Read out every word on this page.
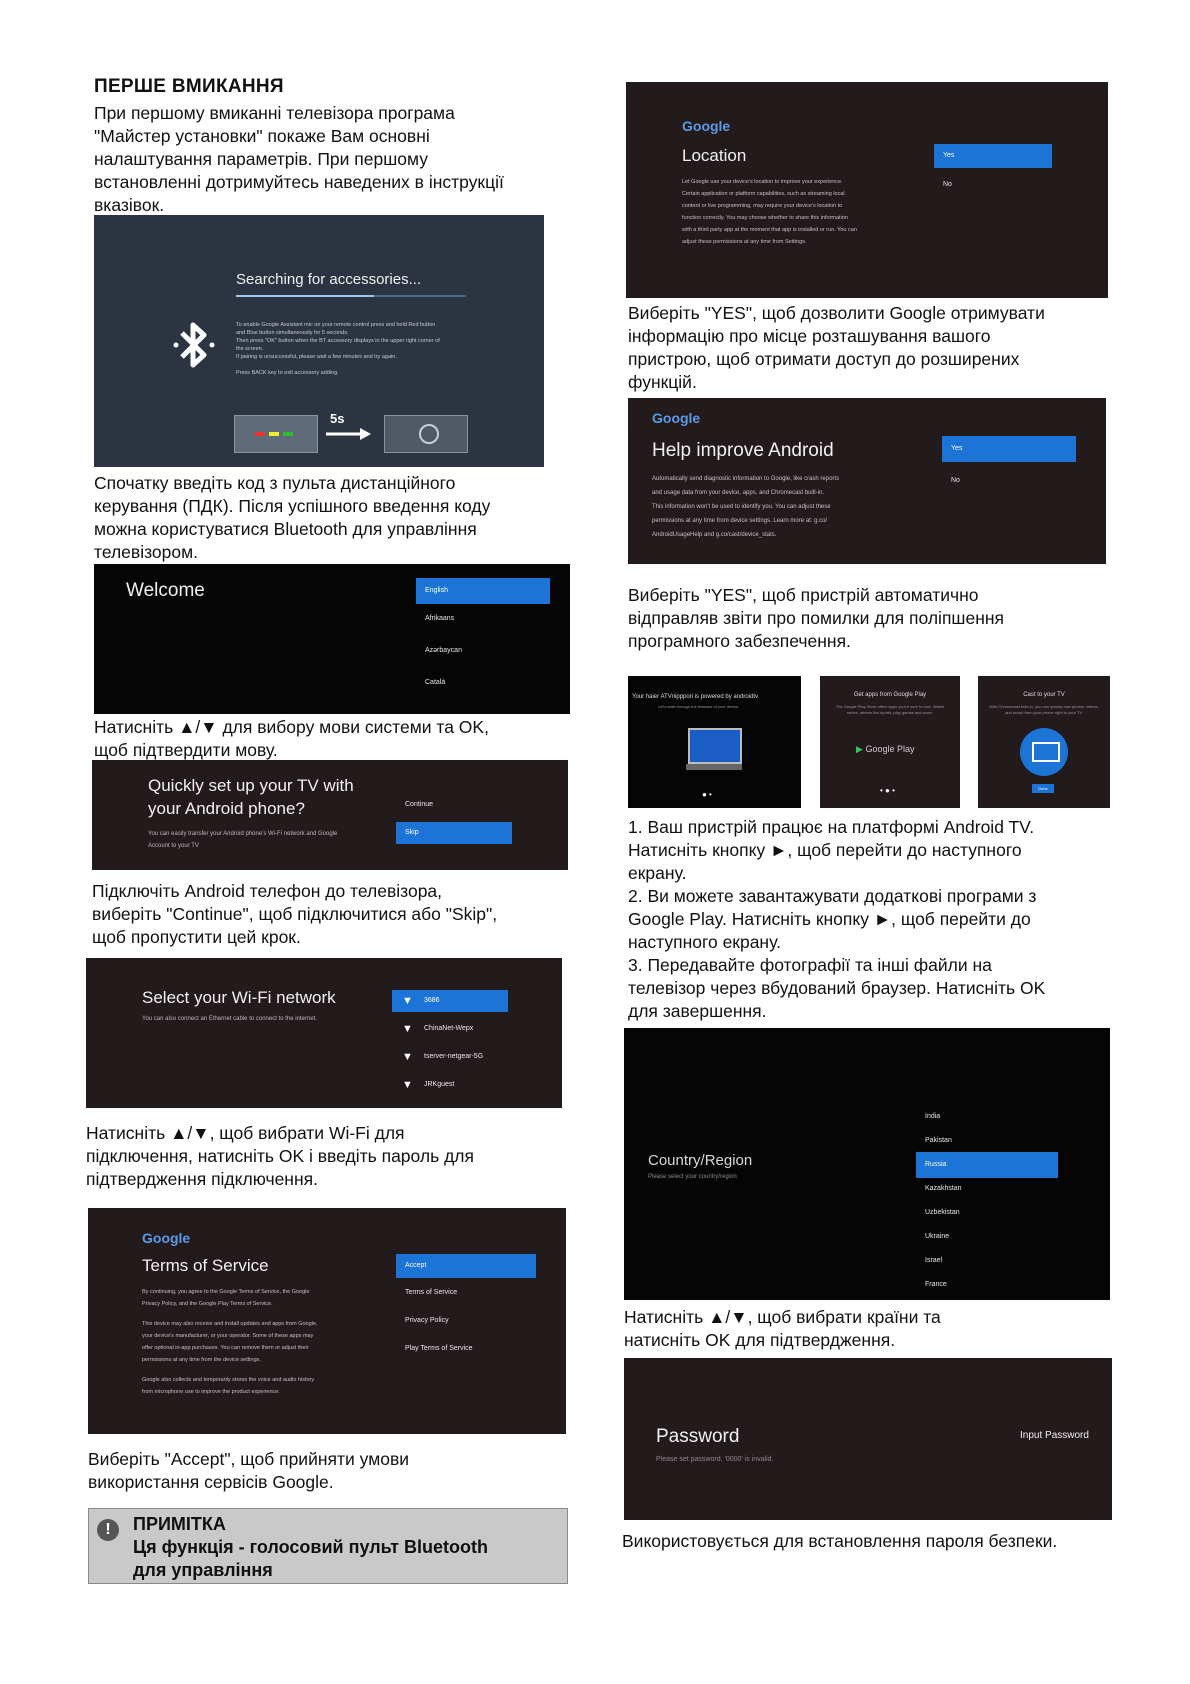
ПЕРШЕ ВМИКАННЯ

При першому вмиканні телевізора програма

"Майстер установки" покаже Вам основні

налаштування параметрів. При першому

встановленні дотримуйтесь наведених в інструкції

вказівок.

Searching for accessories...
To enable Google Assistant mic on your remote control press and hold Red button
and Blue button simultaneously for 5 seconds.
Then press "OK" button when the BT accessory displays in the upper right corner of
the screen.
If pairing is unsuccessful, please wait a few minutes and try again.
Press BACK key to exit accessory adding.
5s

Спочатку введіть код з пульта дистанційного

керування (ПДК). Після успішного введення коду

можна користуватися Bluetooth для управління

телевізором.

Welcome	English
Afrikaans
Azərbaycan
Català

Натисніть ▲/▼ для вибору мови системи та OK,

щоб підтвердити мову.

Quickly set up your TV with
your Android phone?
You can easily transfer your Android phone's Wi-Fi network and Google
Account to your TV
Continue
Skip

Підключіть Android телефон до телевізора,

виберіть "Continue", щоб підключитися або "Skip",

щоб пропустити цей крок.

Select your Wi-Fi network
You can also connect an Ethernet cable to connect to the internet.
▼ 3686
▼ ChinaNet-Wepx
▼ tserver-netgear-5G
▼ JRKguest

Натисніть ▲/▼, щоб вибрати Wi-Fi для

підключення, натисніть OK і введіть пароль для

підтвердження підключення.

Google
Terms of Service
By continuing, you agree to the Google Terms of Service, the Google
Privacy Policy, and the Google Play Terms of Service.
This device may also receive and install updates and apps from Google,
your device's manufacturer, or your operator. Some of these apps may
offer optional in-app purchases. You can remove them or adjust their
permissions at any time from the device settings.
Google also collects and temporarily stores the voice and audio history
from microphone use to improve the product experience.
Accept
Terms of Service
Privacy Policy
Play Terms of Service

Виберіть "Accept", щоб прийняти умови

використання сервісів Google.

!	ПРИМІТКА
Ця функція - голосовий пульт Bluetooth
для управління
Google
Location
Let Google use your device's location to improve your experience.
Certain application or platform capabilities, such as streaming local
content or live programming, may require your device's location to
function correctly. You may choose whether to share this information
with a third party app at the moment that app is installed or run. You can
adjust these permissions at any time from Settings.
Yes
No

Виберіть "YES", щоб дозволити Google отримувати

інформацію про місце розташування вашого

пристрою, щоб отримати доступ до розширених

функцій.

Google
Help improve Android
Automatically send diagnostic information to Google, like crash reports
and usage data from your device, apps, and Chromecast built-in.
This information won't be used to identify you. You can adjust these
permissions at any time from device settings. Learn more at: g.co/
AndroidUsageHelp and g.co/cast/device_stats.
Yes
No

Виберіть "YES", щоб пристрій автоматично

відправляв звіти про помилки для поліпшення

програмного забезпечення.

Your haier ATVnipppori is powered by androidtv
Let's walk through the features of your device.
● •
Get apps from Google Play
The Google Play Store offers apps you're sure to love. Watch series, stream live sports, play games and more.
▶ Google Play
• ● •
Cast to your TV
With Chromecast built-in, you can quickly cast photos, videos, and music from your phone right to your TV.
Done

1. Ваш пристрій працює на платформі Android TV.

Натисніть кнопку ►, щоб перейти до наступного

екрану.

2. Ви можете завантажувати додаткові програми з

Google Play. Натисніть кнопку ►, щоб перейти до

наступного екрану.

3. Передавайте фотографії та інші файли на

телевізор через вбудований браузер. Натисніть OK

для завершення.

Country/Region
Please select your country/region
India
Pakistan
Russia
Kazakhstan
Uzbekistan
Ukraine
Israel
France

Натисніть ▲/▼, щоб вибрати країни та

натисніть OK для підтвердження.

Password
Please set password. '0000' is invalid.
Input Password
Використовується для встановлення пароля безпеки.
